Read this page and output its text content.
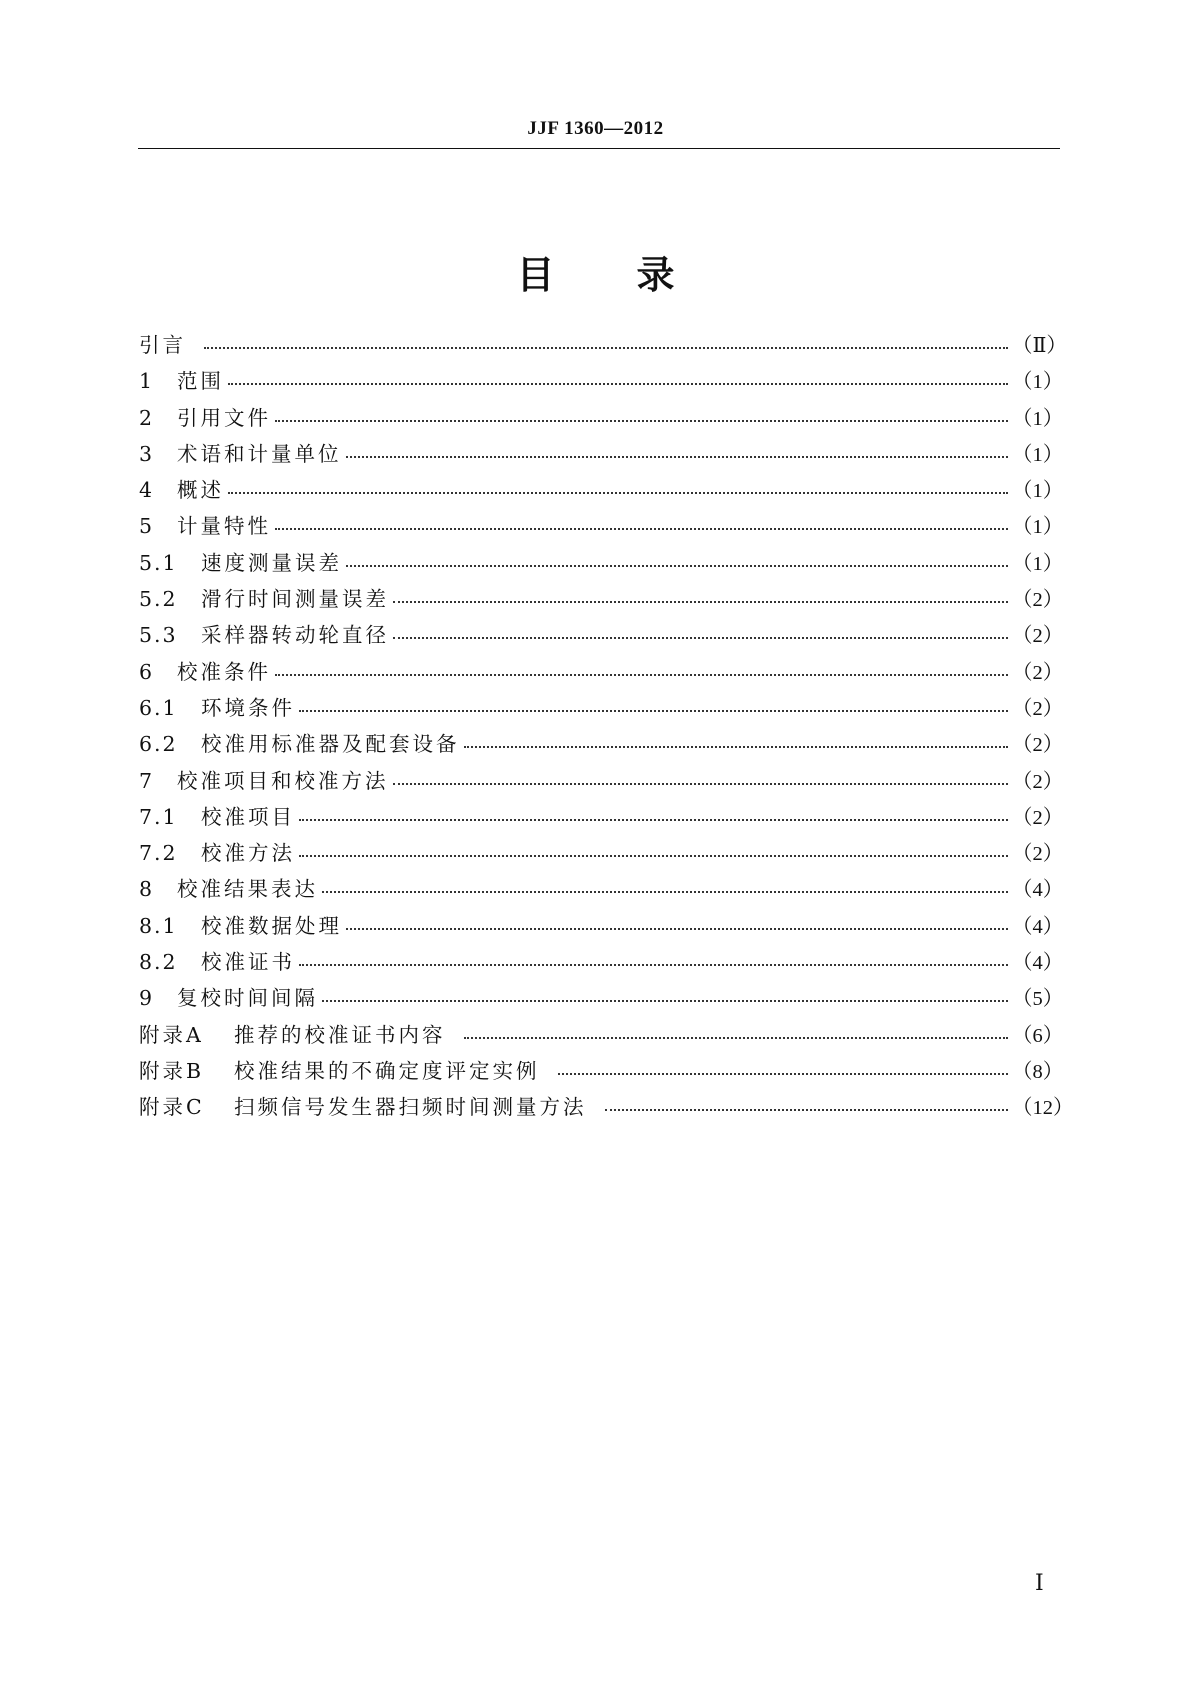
JJF 1360—2012
目录
引言	（Ⅱ）
1	范围	（1）
2	引用文件	（1）
3	术语和计量单位	（1）
4	概述	（1）
5	计量特性	（1）
5.1	速度测量误差	（1）
5.2	滑行时间测量误差	（2）
5.3	采样器转动轮直径	（2）
6	校准条件	（2）
6.1	环境条件	（2）
6.2	校准用标准器及配套设备	（2）
7	校准项目和校准方法	（2）
7.1	校准项目	（2）
7.2	校准方法	（2）
8	校准结果表达	（4）
8.1	校准数据处理	（4）
8.2	校准证书	（4）
9	复校时间间隔	（5）
附录A	推荐的校准证书内容	（6）
附录B	校准结果的不确定度评定实例	（8）
附录C	扫频信号发生器扫频时间测量方法	（12）
Ⅰ
